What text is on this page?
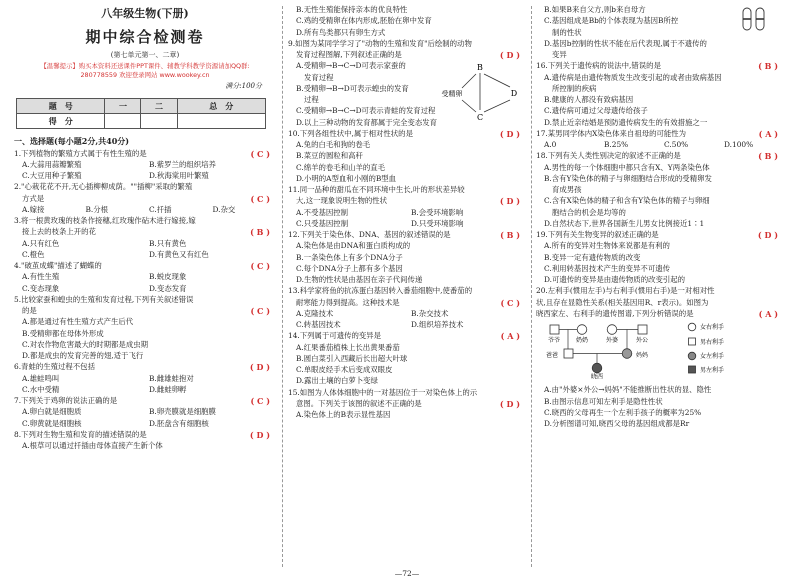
八年级生物(下册)
期中综合检测卷
(第七单元第一、二章)
【温馨提示】购买本资料还送课件PPT课件、辅教学科教学资源请加QQ群:
280778559 欢迎登录网站 www.wookey.cn
满分:100分
题　号	一	二	总　分
得　分			
一、选择题(每小题2分,共40分)
1.下列植物的繁殖方式属于有性生殖的是	( C )
A.大蒜用蒜瓣繁殖	B.紫罗兰的组织培养
C.大豆用种子繁殖	D.秋海棠用叶繁殖
2."心栽花花不开,无心插柳柳成荫。""插柳"采取的繁殖
方式是	( C )
A.嫁接	B.分根	C.扦插	D.杂交
3.将一根黄玫瑰的枝条作接穗,红玫瑰作砧木进行嫁接,嫁
接上去的枝条上开的花	( B )
A.只有红色	B.只有黄色
C.橙色	D.有黄色又有红色
4."破茧成蝶"描述了蝴蝶的	( C )
A.有性生殖	B.蜕皮现象
C.变态现象	D.变态发育
5.比较家蚕和蝗虫的生殖和发育过程,下列有关叙述错误
的是	( C )
A.都是通过有性生殖方式产生后代
B.受精卵都在母体外形成
C.对农作物危害最大的时期都是成虫期
D.都是成虫的发育完善的翅,适于飞行
6.青蛙的生殖过程不包括	( D )
A.雄蛙鸣叫	B.雌雄蛙抱对
C.水中受精	D.雌蛙卵孵
7.下列关于鸡卵的说法正确的是	( C )
A.卵白就是细胞质	B.卵壳膜就是细胞膜
C.卵黄就是细胞核	D.胚盘含有细胞核
8.下列对生物生殖和发育的描述错误的是	( D )
A.根草可以通过扦插由母体直接产生新个体
B.无性生殖能保持亲本的优良特性
C.鸡的受精卵在体内形成,胚胎在卵中发育
D.所有鸟类都只有卵生方式
9.如图为某同学学习了"动物的生殖和发育"后绘制的动物
发育过程图解,下列叙述正确的是	( D )
B
受精卵	D
C
A.受精卵→B→C→D可表示家蚕的
发育过程
B.受精卵→B→D可表示蝗虫的发育
过程
C.受精卵→B→C→D可表示青蛙的发育过程
D.以上三种动物的发育都属于完全变态发育
10.下列各组性状中,属于相对性状的是	( D )
A.兔的白毛和狗的卷毛
B.菜豆的圆粒和高秆
C.绵羊的卷毛和山羊的直毛
D.小明的A型血和小刚的B型血
11.同一品种的甜瓜在不同环境中生长,叶的形状差异较
大,这一现象说明生物的性状	( D )
A.不受基因控制	B.会受环境影响
C.只受基因控制	D.只受环境影响
12.下列关于染色体、DNA、基因的叙述错误的是	( B )
A.染色体是由DNA和蛋白质构成的
B.一条染色体上有多个DNA分子
C.每个DNA分子上都有多个基因
D.生物的性状是由基因在亲子代间传递
13.科学家将鱼的抗冻蛋白基因转入番茄细胞中,使番茄的
耐寒能力得到提高。这种技术是	( C )
A.克隆技术	B.杂交技术
C.转基因技术	D.组织培养技术
14.下列属于可遗传的变异是	( A )
A.红果番茄植株上长出黄果番茄
B.圆白菜引入西藏后长出超大叶球
C.单眼皮经手术后变成双眼皮
D.露出土壤的白萝卜变绿
15.如图为人体体细胞中的一对基因位于一对染色体上的示
意图。下列关于该图的叙述不正确的是	( D )
A.染色体上的B表示显性基因
—72—
B.如果B来自父方,则b来自母方
C.基因组成是Bb的个体表现为基因B所控
制的性状
D.基因b控制的性状不能在后代表现,属于不遗传的
变异
16.下列关于遗传病的说法中,错误的是	( B )
A.遗传病是由遗传物质发生改变引起的或者由致病基因
所控制的疾病
B.健康的人都没有致病基因
C.遗传病可通过父母遗传给孩子
D.禁止近亲结婚是预防遗传病发生的有效措施之一
17.某男同学体内X染色体来自祖母的可能性为	( A )
A.0	B.25%	C.50%	D.100%
18.下列有关人类性别决定的叙述不正确的是	( B )
A.男性的每一个体细胞中都只含有X、Y两条染色体
B.含有Y染色体的精子与卵细胞结合形成的受精卵发
育成男孩
C.含有X染色体的精子和含有Y染色体的精子与卵细
胞结合的机会是均等的
D.自然状态下,世界各国新生儿男女比例接近1∶1
19.下列有关生物变异的叙述正确的是	( D )
A.所有的变异对生物体来说都是有利的
B.变异一定有遗传物质的改变
C.利用转基因技术产生的变异不可遗传
D.可遗传的变异是由遗传物质的改变引起的
20.左利手(惯用左手)与右利手(惯用右手)是一对相对性
状,且存在显隐性关系(相关基因用R、r表示)。如图为
晓西家左、右利手的遗传图谱,下列分析错误的是	( A )
爷爷	奶奶	外婆	外公
爸爸	妈妈
晓西
女右利手
男右利手
女左利手
男左利手
A.由"外婆×外公→妈妈"不能推断出性状的显、隐性
B.由图示信息可知左利手是隐性性状
C.晓西的父母再生一个左利手孩子的概率为25%
D.分析图谱可知,晓西父母的基因组成都是Rr
